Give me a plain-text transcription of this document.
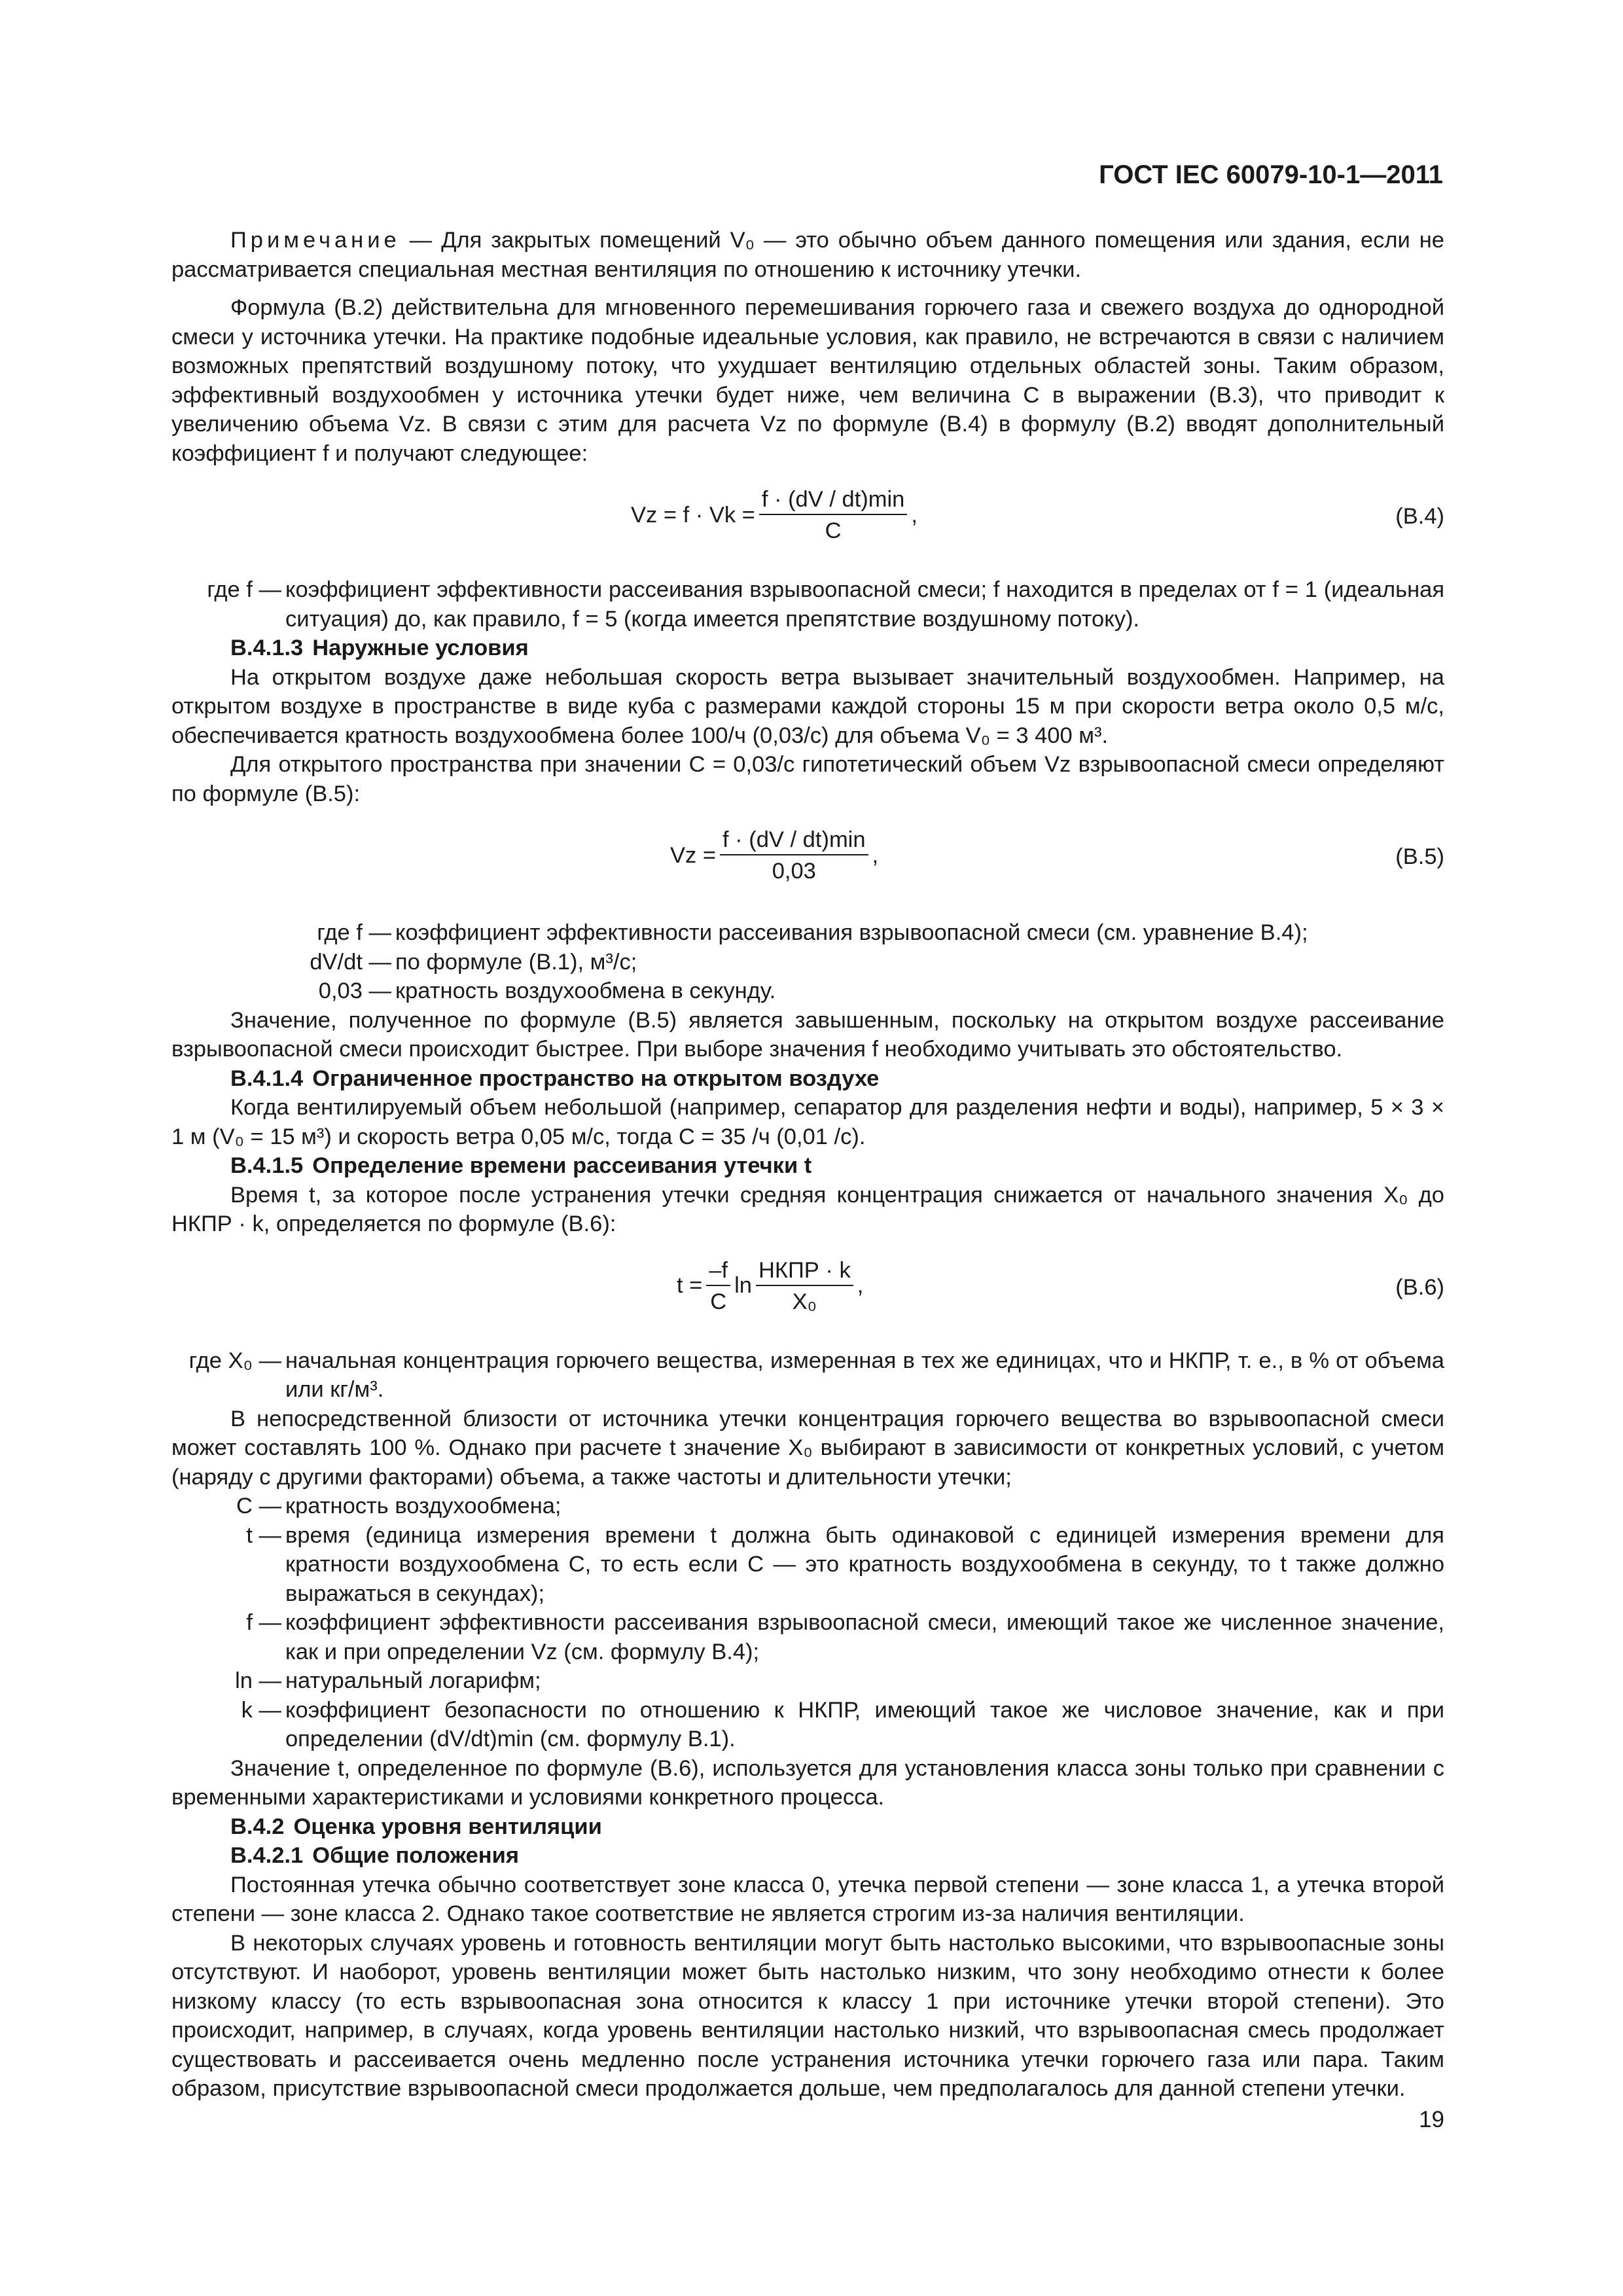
ГОСТ IEC 60079-10-1—2011

Примечание — Для закрытых помещений V₀ — это обычно объем данного помещения или здания, если не рассматривается специальная местная вентиляция по отношению к источнику утечки.

Формула (B.2) действительна для мгновенного перемешивания горючего газа и свежего воздуха до однородной смеси у источника утечки. На практике подобные идеальные условия, как правило, не встречаются в связи с наличием возможных препятствий воздушному потоку, что ухудшает вентиляцию отдельных областей зоны. Таким образом, эффективный воздухообмен у источника утечки будет ниже, чем величина C в выражении (B.3), что приводит к увеличению объема Vz. В связи с этим для расчета Vz по формуле (B.4) в формулу (B.2) вводят дополнительный коэффициент f и получают следующее:

$Vz = f \cdot Vk = \frac{f \cdot (dV / dt)\min}{C}$ ,	(B.4)
где f — коэффициент эффективности рассеивания взрывоопасной смеси; f находится в пределах от f = 1 (идеальная ситуация) до, как правило, f = 5 (когда имеется препятствие воздушному потоку).

B.4.1.3 Наружные условия

На открытом воздухе даже небольшая скорость ветра вызывает значительный воздухообмен. Например, на открытом воздухе в пространстве в виде куба с размерами каждой стороны 15 м при скорости ветра около 0,5 м/с, обеспечивается кратность воздухообмена более 100/ч (0,03/с) для объема V₀ = 3 400 м³.

Для открытого пространства при значении C = 0,03/с гипотетический объем Vz взрывоопасной смеси определяют по формуле (B.5):

$Vz = \frac{f \cdot (dV / dt)\min}{0,03}$ ,	(B.5)
где f — коэффициент эффективности рассеивания взрывоопасной смеси (см. уравнение B.4);
dV/dt — по формуле (B.1), м³/с;
0,03 — кратность воздухообмена в секунду.

Значение, полученное по формуле (B.5) является завышенным, поскольку на открытом воздухе рассеивание взрывоопасной смеси происходит быстрее. При выборе значения f необходимо учитывать это обстоятельство.

B.4.1.4 Ограниченное пространство на открытом воздухе

Когда вентилируемый объем небольшой (например, сепаратор для разделения нефти и воды), например, 5 × 3 × 1 м (V₀ = 15 м³) и скорость ветра 0,05 м/с, тогда C = 35 /ч (0,01 /с).

B.4.1.5 Определение времени рассеивания утечки t

Время t, за которое после устранения утечки средняя концентрация снижается от начального значения X₀ до НКПР · k, определяется по формуле (B.6):

$t = \frac{-f}{C}$ $\ln \frac{\text{НКПР · k}}{\text{X₀}}$ ,	(B.6)
где X₀ — начальная концентрация горючего вещества, измеренная в тех же единицах, что и НКПР, т. е., в % от объема или кг/м³.

В непосредственной близости от источника утечки концентрация горючего вещества во взрывоопасной смеси может составлять 100 %. Однако при расчете t значение X₀ выбирают в зависимости от конкретных условий, с учетом (наряду с другими факторами) объема, а также частоты и длительности утечки;

C — кратность воздухообмена;
t — время (единица измерения времени t должна быть одинаковой с единицей измерения времени для кратности воздухообмена C, то есть если C — это кратность воздухообмена в секунду, то t также должно выражаться в секундах);
f — коэффициент эффективности рассеивания взрывоопасной смеси, имеющий такое же численное значение, как и при определении Vz (см. формулу B.4);
ln — натуральный логарифм;
k — коэффициент безопасности по отношению к НКПР, имеющий такое же числовое значение, как и при определении (dV/dt)min (см. формулу B.1).

Значение t, определенное по формуле (B.6), используется для установления класса зоны только при сравнении с временными характеристиками и условиями конкретного процесса.

B.4.2 Оценка уровня вентиляции

B.4.2.1 Общие положения

Постоянная утечка обычно соответствует зоне класса 0, утечка первой степени — зоне класса 1, а утечка второй степени — зоне класса 2. Однако такое соответствие не является строгим из-за наличия вентиляции.

В некоторых случаях уровень и готовность вентиляции могут быть настолько высокими, что взрывоопасные зоны отсутствуют. И наоборот, уровень вентиляции может быть настолько низким, что зону необходимо отнести к более низкому классу (то есть взрывоопасная зона относится к классу 1 при источнике утечки второй степени). Это происходит, например, в случаях, когда уровень вентиляции настолько низкий, что взрывоопасная смесь продолжает существовать и рассеивается очень медленно после устранения источника утечки горючего газа или пара. Таким образом, присутствие взрывоопасной смеси продолжается дольше, чем предполагалось для данной степени утечки.

19
